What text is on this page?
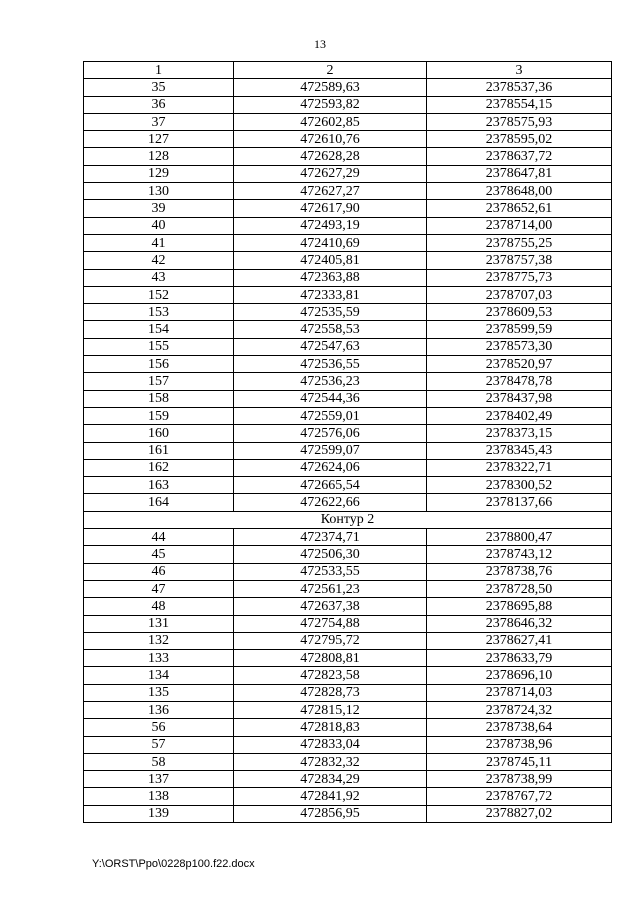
13
1	2	3
35	472589,63	2378537,36
36	472593,82	2378554,15
37	472602,85	2378575,93
127	472610,76	2378595,02
128	472628,28	2378637,72
129	472627,29	2378647,81
130	472627,27	2378648,00
39	472617,90	2378652,61
40	472493,19	2378714,00
41	472410,69	2378755,25
42	472405,81	2378757,38
43	472363,88	2378775,73
152	472333,81	2378707,03
153	472535,59	2378609,53
154	472558,53	2378599,59
155	472547,63	2378573,30
156	472536,55	2378520,97
157	472536,23	2378478,78
158	472544,36	2378437,98
159	472559,01	2378402,49
160	472576,06	2378373,15
161	472599,07	2378345,43
162	472624,06	2378322,71
163	472665,54	2378300,52
164	472622,66	2378137,66
Контур 2		
44	472374,71	2378800,47
45	472506,30	2378743,12
46	472533,55	2378738,76
47	472561,23	2378728,50
48	472637,38	2378695,88
131	472754,88	2378646,32
132	472795,72	2378627,41
133	472808,81	2378633,79
134	472823,58	2378696,10
135	472828,73	2378714,03
136	472815,12	2378724,32
56	472818,83	2378738,64
57	472833,04	2378738,96
58	472832,32	2378745,11
137	472834,29	2378738,99
138	472841,92	2378767,72
139	472856,95	2378827,02
Y:\ORST\Ppo\0228p100.f22.docx
